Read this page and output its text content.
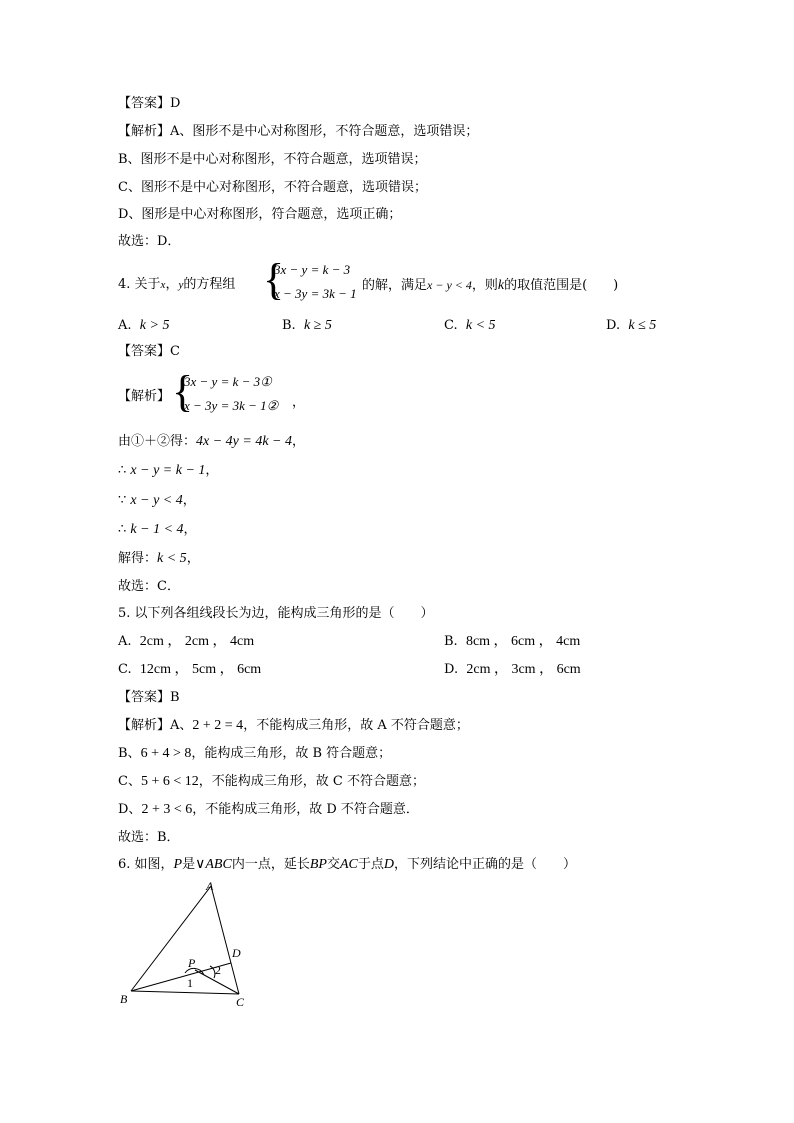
【答案】D
【解析】A、图形不是中心对称图形，不符合题意，选项错误；
B、图形不是中心对称图形，不符合题意，选项错误；
C、图形不是中心对称图形，不符合题意，选项错误；
D、图形是中心对称图形，符合题意，选项正确；
故选：D．
4. 关于x，y的方程组 {
3x − y = k − 3
x − 3y = 3k − 1
的解，满足x − y < 4，则k的取值范围是(　　)
A. k > 5	B. k ≥ 5	C. k < 5	D. k ≤ 5
【答案】C
【解析】 {
3x − y = k − 3①
x − 3y = 3k − 1② ，
由①＋②得：4x − 4y = 4k − 4，
∴ x − y = k − 1，
∵ x − y < 4，
∴ k − 1 < 4，
解得：k < 5，
故选：C．
5. 以下列各组线段长为边，能构成三角形的是（　　）
A. 2cm ， 2cm ， 4cm	B. 8cm ， 6cm ， 4cm
C. 12cm ， 5cm ， 6cm	D. 2cm ， 3cm ， 6cm
【答案】B
【解析】A、2 + 2 = 4，不能构成三角形，故 A 不符合题意；
B、6 + 4 > 8，能构成三角形，故 B 符合题意；
C、5 + 6 < 12，不能构成三角形，故 C 不符合题意；
D、2 + 3 < 6，不能构成三角形，故 D 不符合题意．
故选：B．
6. 如图，P是∨ABC内一点，延长BP交AC于点D，下列结论中正确的是（　　）
A
B	C
D
P
1
2
